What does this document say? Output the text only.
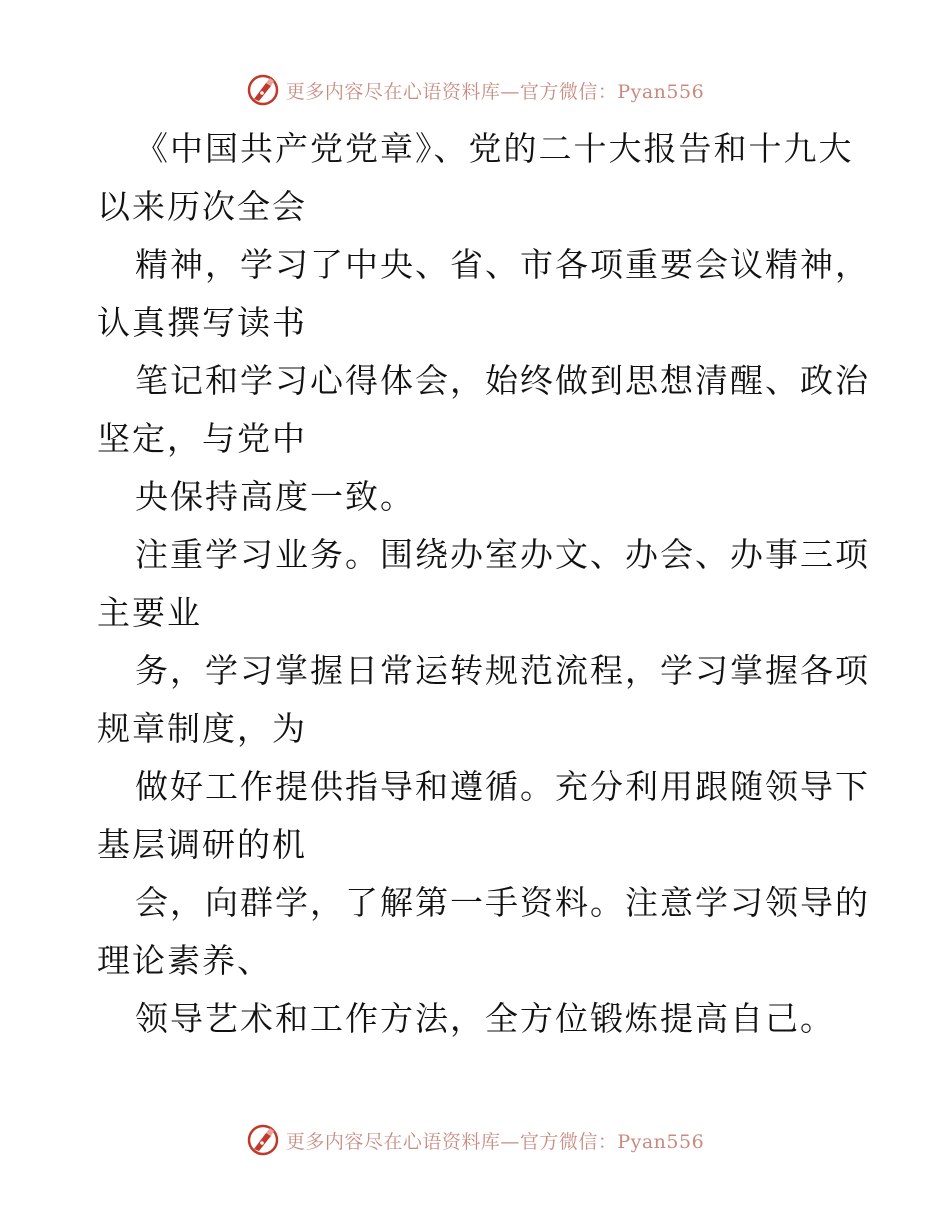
更多内容尽在心语资料库—官方微信：Pyan556
《中国共产党党章》、党的二十大报告和十九大
以来历次全会
精神，学习了中央、省、市各项重要会议精神，
认真撰写读书
笔记和学习心得体会，始终做到思想清醒、政治
坚定，与党中
央保持高度一致。
注重学习业务。围绕办室办文、办会、办事三项
主要业
务，学习掌握日常运转规范流程，学习掌握各项
规章制度，为
做好工作提供指导和遵循。充分利用跟随领导下
基层调研的机
会，向群学，了解第一手资料。注意学习领导的
理论素养、
领导艺术和工作方法，全方位锻炼提高自己。
更多内容尽在心语资料库—官方微信：Pyan556
